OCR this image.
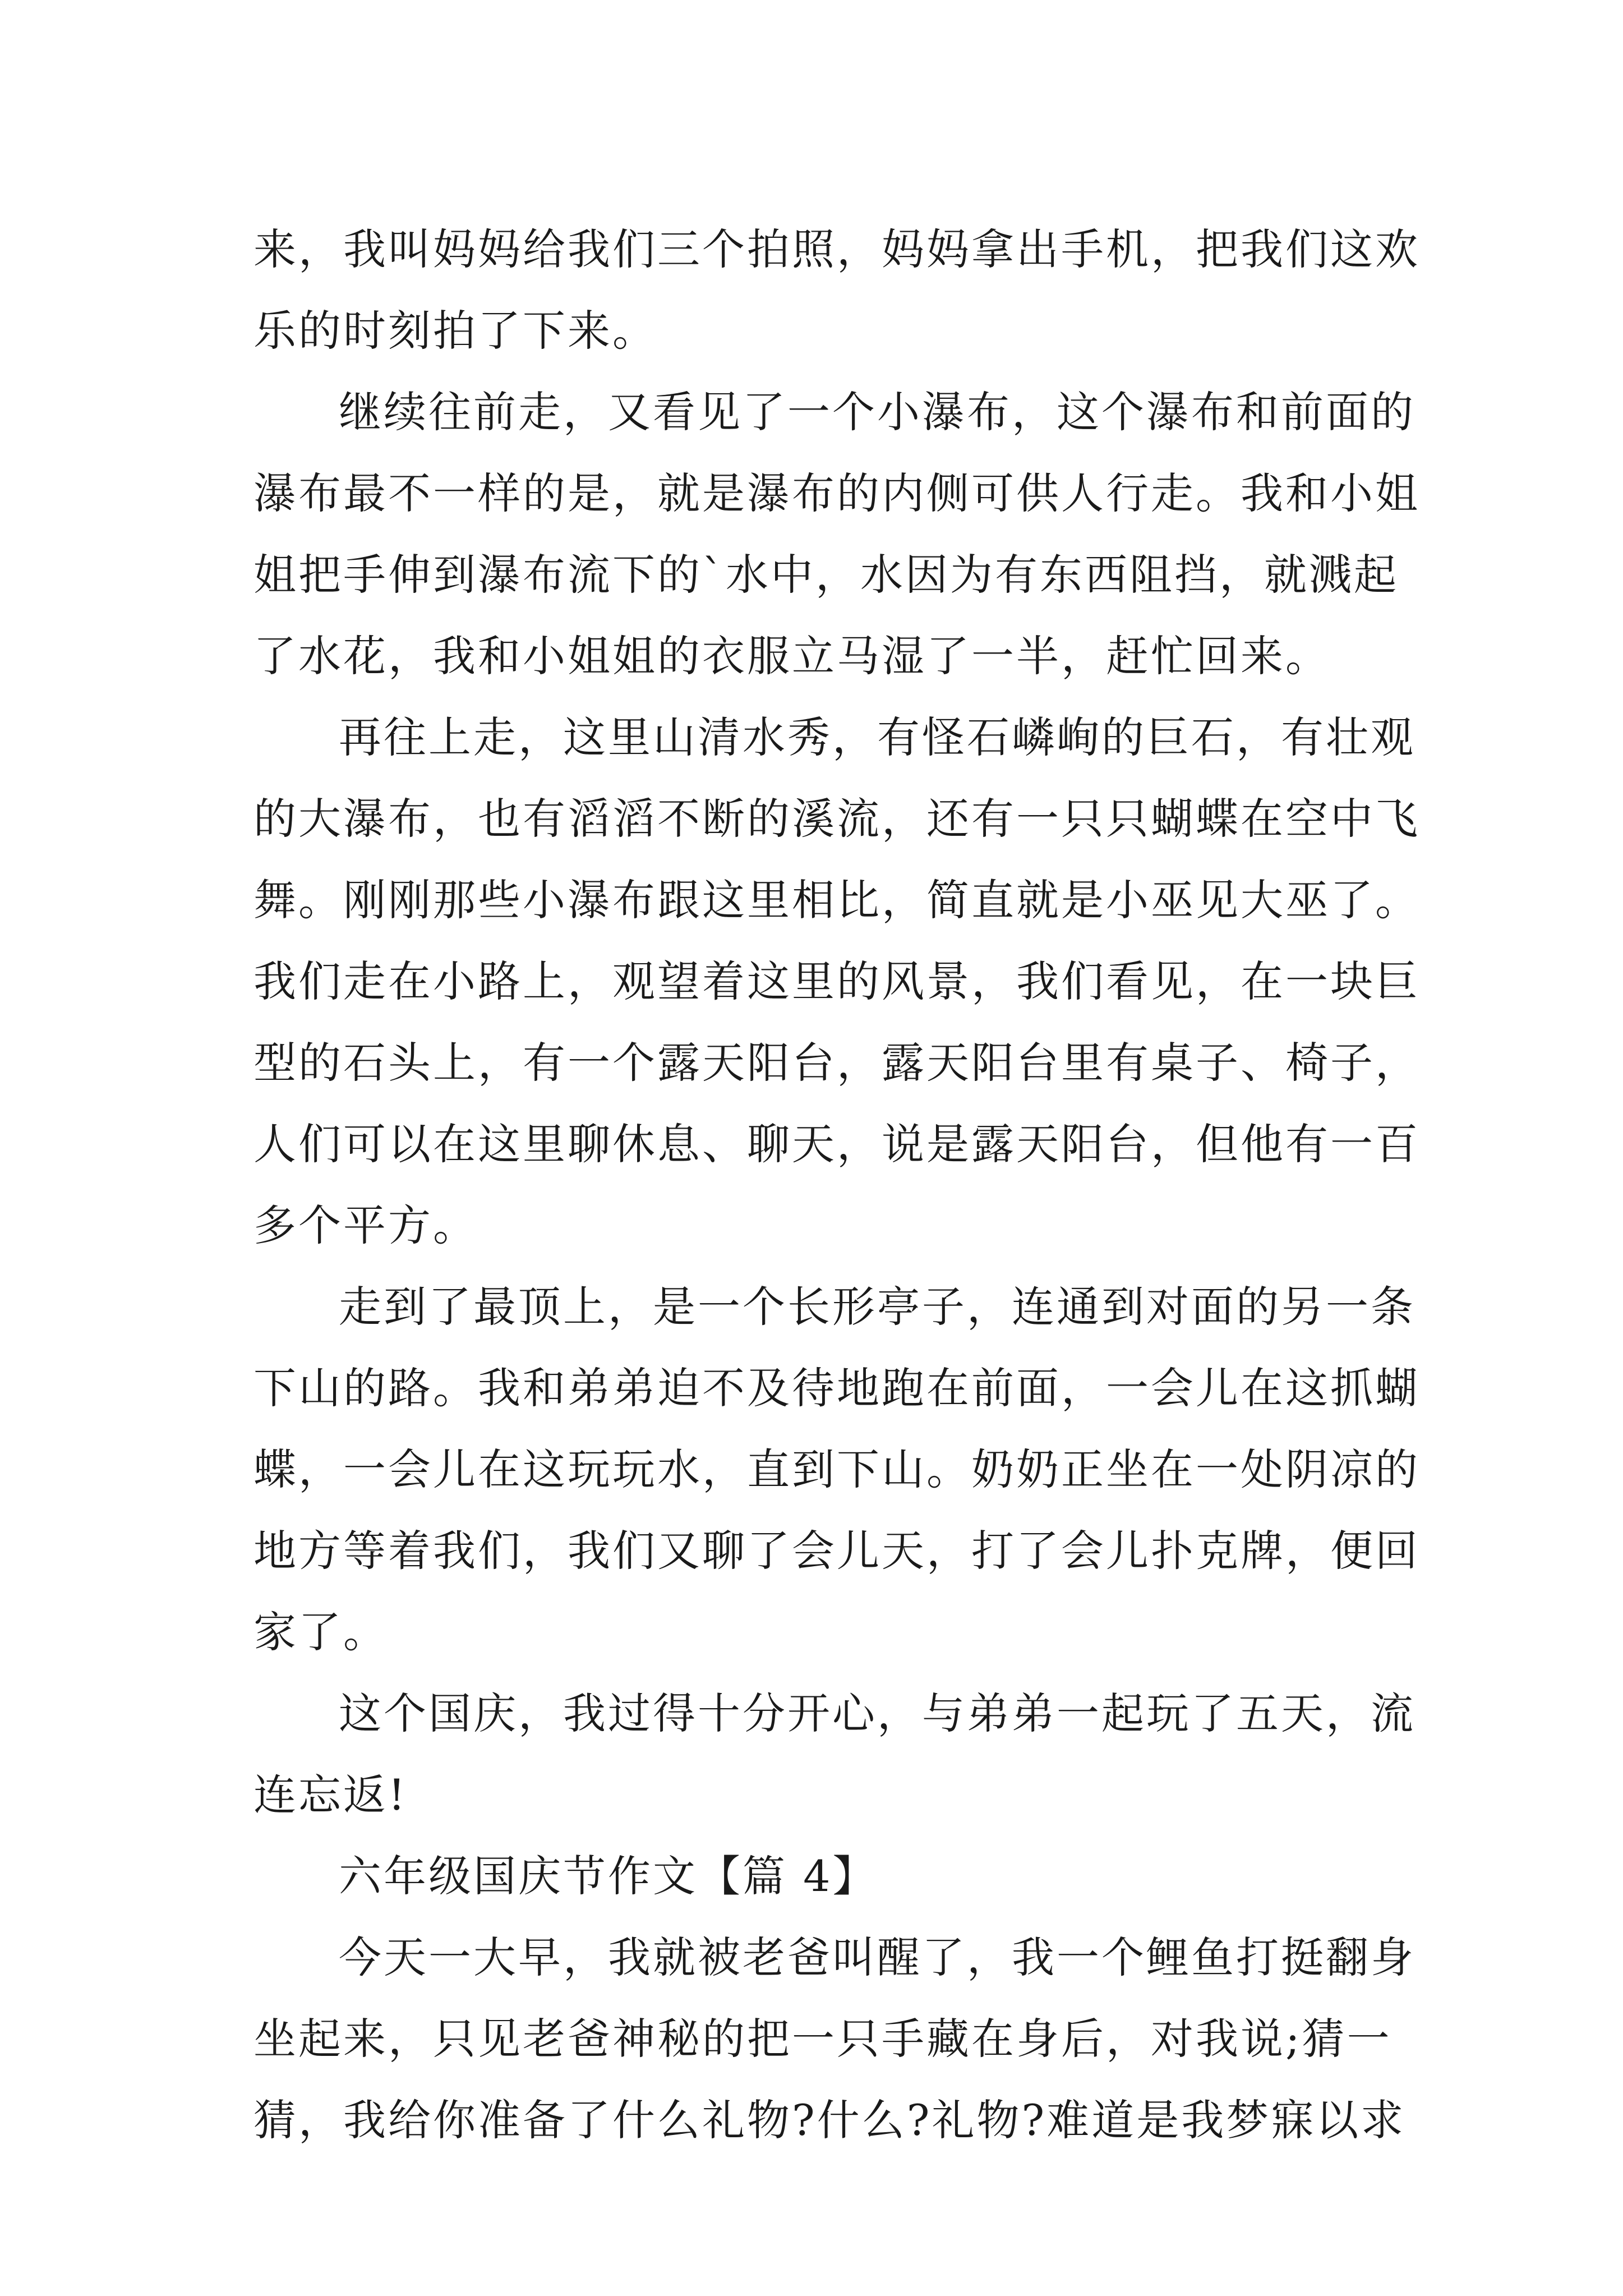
来，我叫妈妈给我们三个拍照，妈妈拿出手机，把我们这欢
乐的时刻拍了下来。
继续往前走，又看见了一个小瀑布，这个瀑布和前面的
瀑布最不一样的是，就是瀑布的内侧可供人行走。我和小姐
姐把手伸到瀑布流下的`水中，水因为有东西阻挡，就溅起
了水花，我和小姐姐的衣服立马湿了一半，赶忙回来。
再往上走，这里山清水秀，有怪石嶙峋的巨石，有壮观
的大瀑布，也有滔滔不断的溪流，还有一只只蝴蝶在空中飞
舞。刚刚那些小瀑布跟这里相比，简直就是小巫见大巫了。
我们走在小路上，观望着这里的风景，我们看见，在一块巨
型的石头上，有一个露天阳台，露天阳台里有桌子、椅子，
人们可以在这里聊休息、聊天，说是露天阳台，但他有一百
多个平方。
走到了最顶上，是一个长形亭子，连通到对面的另一条
下山的路。我和弟弟迫不及待地跑在前面，一会儿在这抓蝴
蝶，一会儿在这玩玩水，直到下山。奶奶正坐在一处阴凉的
地方等着我们，我们又聊了会儿天，打了会儿扑克牌，便回
家了。
这个国庆，我过得十分开心，与弟弟一起玩了五天，流
连忘返!
六年级国庆节作文【篇 4】
今天一大早，我就被老爸叫醒了，我一个鲤鱼打挺翻身
坐起来，只见老爸神秘的把一只手藏在身后，对我说;猜一
猜，我给你准备了什么礼物?什么?礼物?难道是我梦寐以求
